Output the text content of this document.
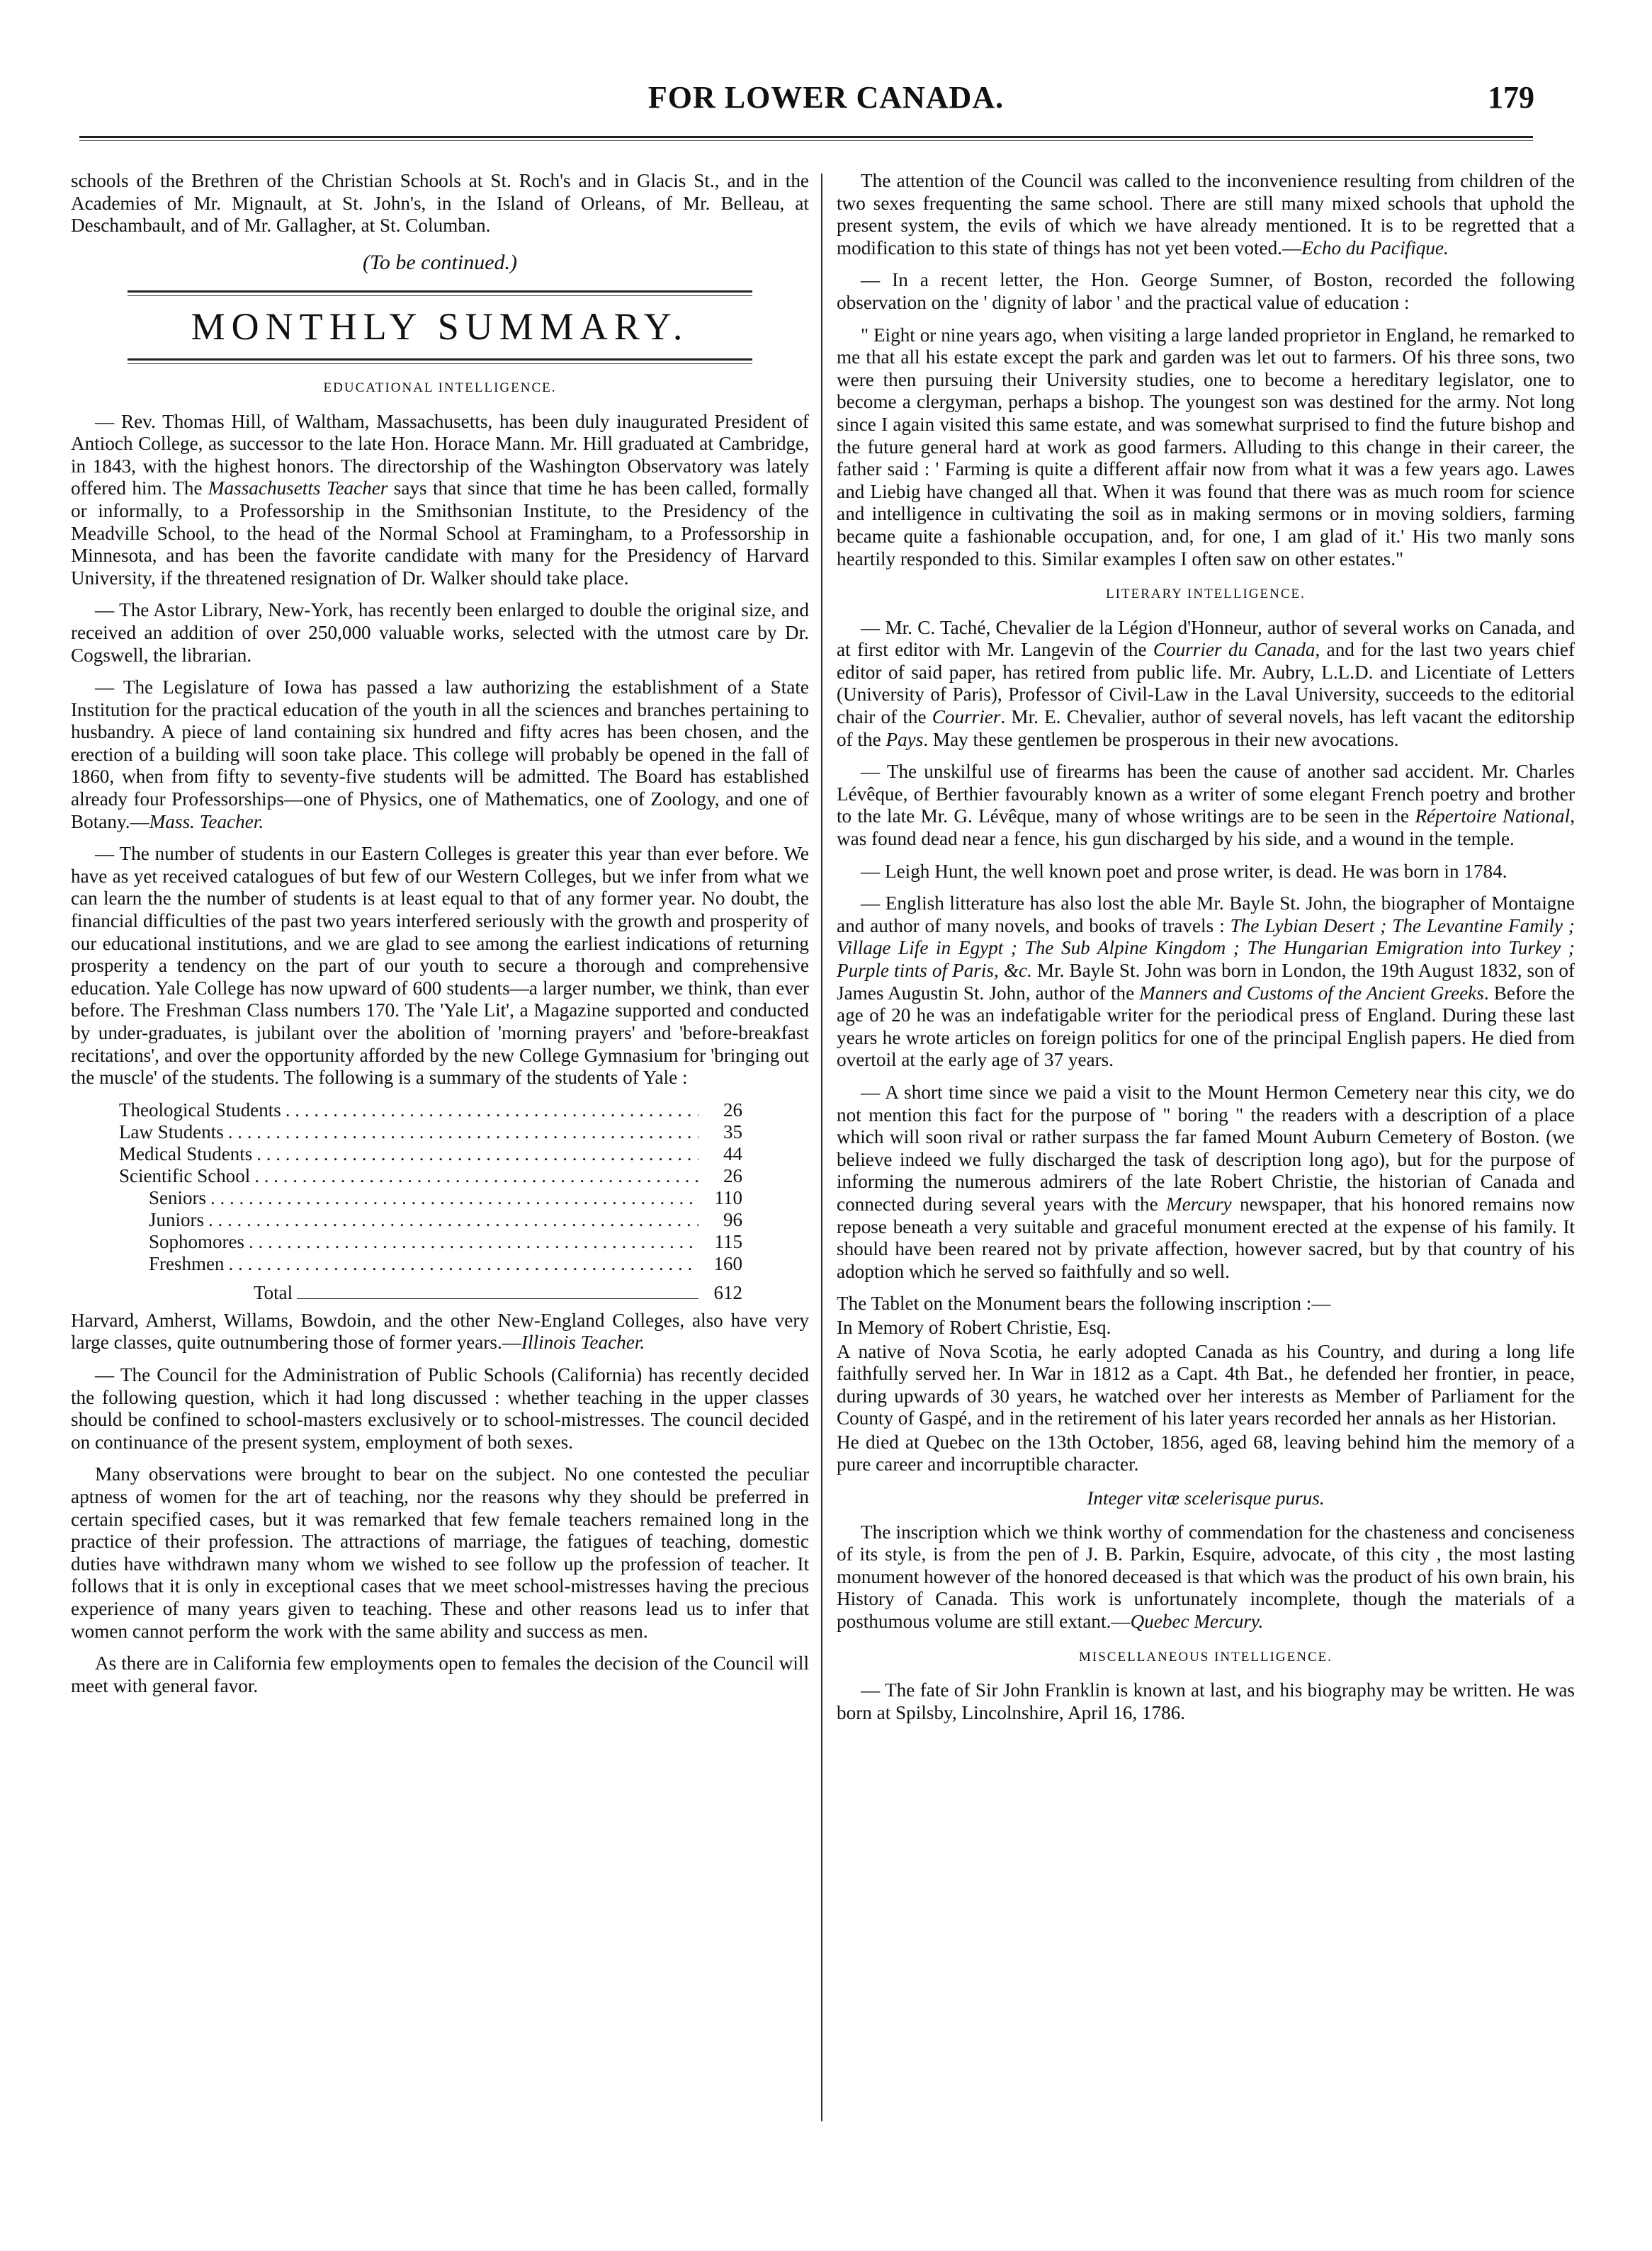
FOR LOWER CANADA.	179

schools of the Brethren of the Christian Schools at St. Roch's and in Glacis St., and in the Academies of Mr. Mignault, at St. John's, in the Island of Orleans, of Mr. Belleau, at Deschambault, and of Mr. Gallagher, at St. Columban.

(To be continued.)
MONTHLY SUMMARY.
EDUCATIONAL INTELLIGENCE.

— Rev. Thomas Hill, of Waltham, Massachusetts, has been duly inaugurated President of Antioch College, as successor to the late Hon. Horace Mann. Mr. Hill graduated at Cambridge, in 1843, with the highest honors. The directorship of the Washington Observatory was lately offered him. The Massachusetts Teacher says that since that time he has been called, formally or informally, to a Professorship in the Smithsonian Institute, to the Presidency of the Meadville School, to the head of the Normal School at Framingham, to a Professorship in Minnesota, and has been the favorite candidate with many for the Presidency of Harvard University, if the threatened resignation of Dr. Walker should take place.

— The Astor Library, New-York, has recently been enlarged to double the original size, and received an addition of over 250,000 valuable works, selected with the utmost care by Dr. Cogswell, the librarian.

— The Legislature of Iowa has passed a law authorizing the establishment of a State Institution for the practical education of the youth in all the sciences and branches pertaining to husbandry. A piece of land containing six hundred and fifty acres has been chosen, and the erection of a building will soon take place. This college will probably be opened in the fall of 1860, when from fifty to seventy-five students will be admitted. The Board has established already four Professorships—one of Physics, one of Mathematics, one of Zoology, and one of Botany.—Mass. Teacher.

— The number of students in our Eastern Colleges is greater this year than ever before. We have as yet received catalogues of but few of our Western Colleges, but we infer from what we can learn the the number of students is at least equal to that of any former year. No doubt, the financial difficulties of the past two years interfered seriously with the growth and prosperity of our educational institutions, and we are glad to see among the earliest indications of returning prosperity a tendency on the part of our youth to secure a thorough and comprehensive education. Yale College has now upward of 600 students—a larger number, we think, than ever before. The Freshman Class numbers 170. The 'Yale Lit', a Magazine supported and conducted by under-graduates, is jubilant over the abolition of 'morning prayers' and 'before-breakfast recitations', and over the opportunity afforded by the new College Gymnasium for 'bringing out the muscle' of the students. The following is a summary of the students of Yale :

Theological Students . . .	26
Law Students . . .	35
Medical Students . . .	44
Scientific School . . .	26
Seniors . . .	110
Juniors . . .	96
Sophomores . . .	115
Freshmen . . .	160
Total	612

Harvard, Amherst, Willams, Bowdoin, and the other New-England Colleges, also have very large classes, quite outnumbering those of former years.—Illinois Teacher.

— The Council for the Administration of Public Schools (California) has recently decided the following question, which it had long discussed : whether teaching in the upper classes should be confined to school-masters exclusively or to school-mistresses. The council decided on continuance of the present system, employment of both sexes.

Many observations were brought to bear on the subject. No one contested the peculiar aptness of women for the art of teaching, nor the reasons why they should be preferred in certain specified cases, but it was remarked that few female teachers remained long in the practice of their profession. The attractions of marriage, the fatigues of teaching, domestic duties have withdrawn many whom we wished to see follow up the profession of teacher. It follows that it is only in exceptional cases that we meet school-mistresses having the precious experience of many years given to teaching. These and other reasons lead us to infer that women cannot perform the work with the same ability and success as men.

As there are in California few employments open to females the decision of the Council will meet with general favor.

The attention of the Council was called to the inconvenience resulting from children of the two sexes frequenting the same school. There are still many mixed schools that uphold the present system, the evils of which we have already mentioned. It is to be regretted that a modification to this state of things has not yet been voted.—Echo du Pacifique.

— In a recent letter, the Hon. George Sumner, of Boston, recorded the following observation on the ' dignity of labor ' and the practical value of education :

" Eight or nine years ago, when visiting a large landed proprietor in England, he remarked to me that all his estate except the park and garden was let out to farmers. Of his three sons, two were then pursuing their University studies, one to become a hereditary legislator, one to become a clergyman, perhaps a bishop. The youngest son was destined for the army. Not long since I again visited this same estate, and was somewhat surprised to find the future bishop and the future general hard at work as good farmers. Alluding to this change in their career, the father said : ' Farming is quite a different affair now from what it was a few years ago. Lawes and Liebig have changed all that. When it was found that there was as much room for science and intelligence in cultivating the soil as in making sermons or in moving soldiers, farming became quite a fashionable occupation, and, for one, I am glad of it.' His two manly sons heartily responded to this. Similar examples I often saw on other estates."

LITERARY INTELLIGENCE.

— Mr. C. Taché, Chevalier de la Légion d'Honneur, author of several works on Canada, and at first editor with Mr. Langevin of the Courrier du Canada, and for the last two years chief editor of said paper, has retired from public life. Mr. Aubry, L.L.D. and Licentiate of Letters (University of Paris), Professor of Civil-Law in the Laval University, succeeds to the editorial chair of the Courrier. Mr. E. Chevalier, author of several novels, has left vacant the editorship of the Pays. May these gentlemen be prosperous in their new avocations.

— The unskilful use of firearms has been the cause of another sad accident. Mr. Charles Lévêque, of Berthier favourably known as a writer of some elegant French poetry and brother to the late Mr. G. Lévêque, many of whose writings are to be seen in the Répertoire National, was found dead near a fence, his gun discharged by his side, and a wound in the temple.

— Leigh Hunt, the well known poet and prose writer, is dead. He was born in 1784.

— English litterature has also lost the able Mr. Bayle St. John, the biographer of Montaigne and author of many novels, and books of travels : The Lybian Desert ; The Levantine Family ; Village Life in Egypt ; The Sub Alpine Kingdom ; The Hungarian Emigration into Turkey ; Purple tints of Paris, &c. Mr. Bayle St. John was born in London, the 19th August 1832, son of James Augustin St. John, author of the Manners and Customs of the Ancient Greeks. Before the age of 20 he was an indefatigable writer for the periodical press of England. During these last years he wrote articles on foreign politics for one of the principal English papers. He died from overtoil at the early age of 37 years.

— A short time since we paid a visit to the Mount Hermon Cemetery near this city, we do not mention this fact for the purpose of " boring " the readers with a description of a place which will soon rival or rather surpass the far famed Mount Auburn Cemetery of Boston. (we believe indeed we fully discharged the task of description long ago), but for the purpose of informing the numerous admirers of the late Robert Christie, the historian of Canada and connected during several years with the Mercury newspaper, that his honored remains now repose beneath a very suitable and graceful monument erected at the expense of his family. It should have been reared not by private affection, however sacred, but by that country of his adoption which he served so faithfully and so well.

The Tablet on the Monument bears the following inscription :—

In Memory of Robert Christie, Esq.

A native of Nova Scotia, he early adopted Canada as his Country, and during a long life faithfully served her. In War in 1812 as a Capt. 4th Bat., he defended her frontier, in peace, during upwards of 30 years, he watched over her interests as Member of Parliament for the County of Gaspé, and in the retirement of his later years recorded her annals as her Historian.

He died at Quebec on the 13th October, 1856, aged 68, leaving behind him the memory of a pure career and incorruptible character.

Integer vitæ scelerisque purus.

The inscription which we think worthy of commendation for the chasteness and conciseness of its style, is from the pen of J. B. Parkin, Esquire, advocate, of this city , the most lasting monument however of the honored deceased is that which was the product of his own brain, his History of Canada. This work is unfortunately incomplete, though the materials of a posthumous volume are still extant.—Quebec Mercury.

MISCELLANEOUS INTELLIGENCE.

— The fate of Sir John Franklin is known at last, and his biography may be written. He was born at Spilsby, Lincolnshire, April 16, 1786.
